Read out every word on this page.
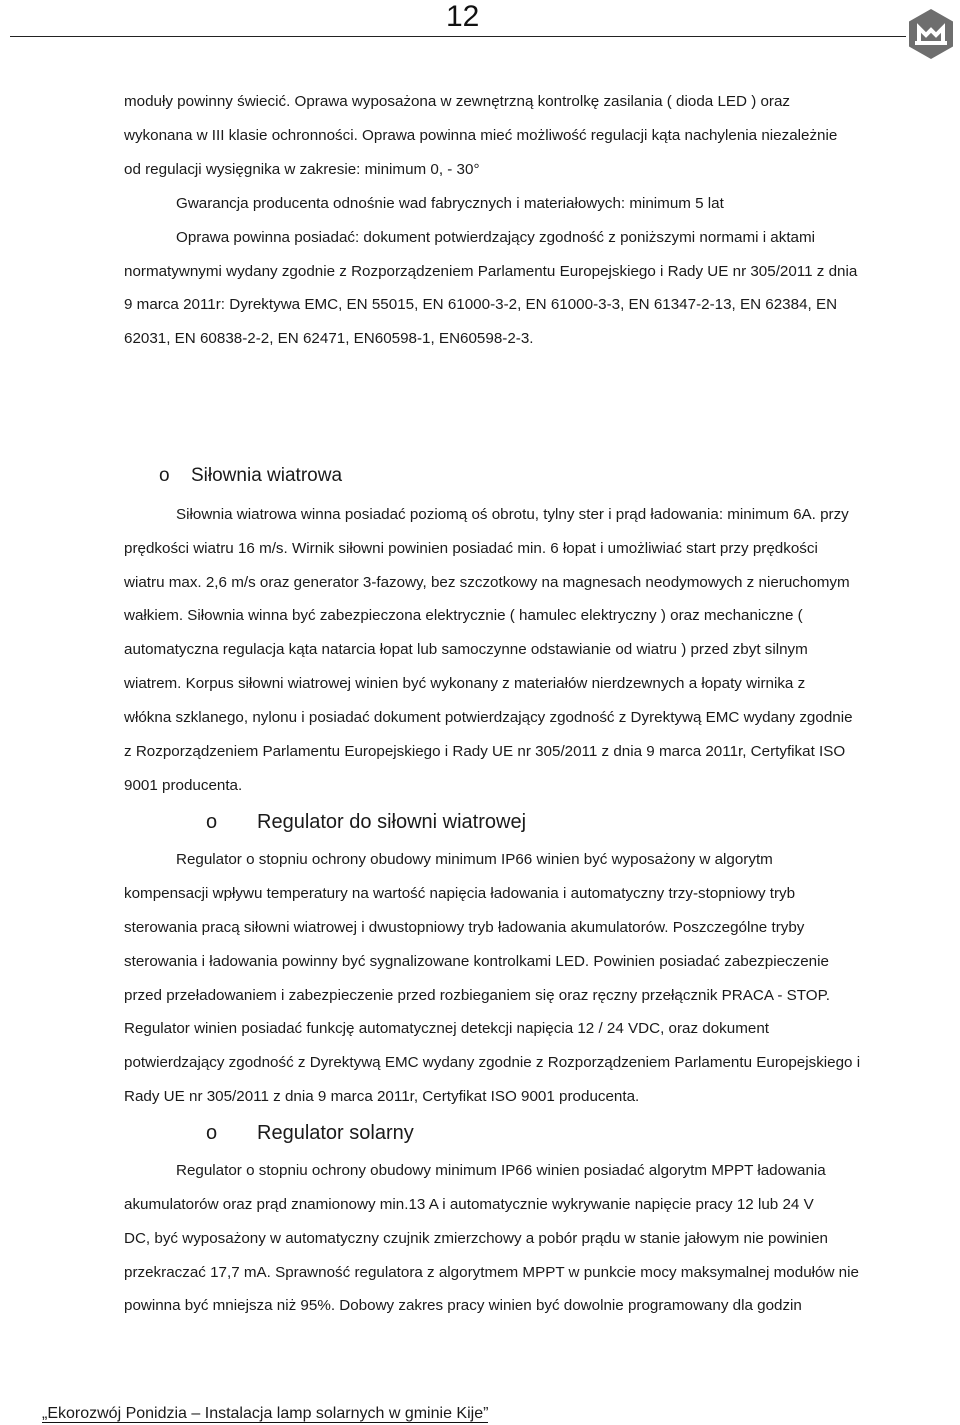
12
moduły powinny świecić. Oprawa wyposażona w zewnętrzną kontrolkę zasilania ( dioda LED ) oraz
wykonana w III klasie ochronności. Oprawa powinna mieć możliwość regulacji kąta nachylenia niezależnie
od regulacji wysięgnika w zakresie: minimum 0, - 30°
Gwarancja producenta odnośnie wad fabrycznych i materiałowych: minimum 5 lat
Oprawa powinna posiadać: dokument potwierdzający zgodność z poniższymi normami i aktami
normatywnymi wydany zgodnie z Rozporządzeniem Parlamentu Europejskiego i Rady UE nr 305/2011 z dnia
9 marca 2011r: Dyrektywa EMC, EN 55015, EN 61000-3-2, EN 61000-3-3, EN 61347-2-13, EN 62384, EN
62031, EN 60838-2-2, EN 62471, EN60598-1, EN60598-2-3.
o Siłownia wiatrowa
Siłownia wiatrowa winna posiadać poziomą oś obrotu, tylny ster i prąd ładowania: minimum 6A. przy
prędkości wiatru 16 m/s. Wirnik siłowni powinien posiadać min. 6 łopat i umożliwiać start przy prędkości
wiatru max. 2,6 m/s oraz generator 3-fazowy, bez szczotkowy na magnesach neodymowych z nieruchomym
wałkiem. Siłownia winna być zabezpieczona elektrycznie ( hamulec elektryczny ) oraz mechaniczne (
automatyczna regulacja kąta natarcia łopat lub samoczynne odstawianie od wiatru ) przed zbyt silnym
wiatrem. Korpus siłowni wiatrowej winien być wykonany z materiałów nierdzewnych a łopaty wirnika z
włókna szklanego, nylonu i posiadać dokument potwierdzający zgodność z Dyrektywą EMC wydany zgodnie
z Rozporządzeniem Parlamentu Europejskiego i Rady UE nr 305/2011 z dnia 9 marca 2011r, Certyfikat ISO
9001 producenta.
o Regulator do siłowni wiatrowej
Regulator o stopniu ochrony obudowy minimum IP66 winien być wyposażony w algorytm
kompensacji wpływu temperatury na wartość napięcia ładowania i automatyczny trzy-stopniowy tryb
sterowania pracą siłowni wiatrowej i dwustopniowy tryb ładowania akumulatorów. Poszczególne tryby
sterowania i ładowania powinny być sygnalizowane kontrolkami LED. Powinien posiadać zabezpieczenie
przed przeładowaniem i zabezpieczenie przed rozbieganiem się oraz ręczny przełącznik PRACA - STOP.
Regulator winien posiadać funkcję automatycznej detekcji napięcia 12 / 24 VDC, oraz dokument
potwierdzający zgodność z Dyrektywą EMC wydany zgodnie z Rozporządzeniem Parlamentu Europejskiego i
Rady UE nr 305/2011 z dnia 9 marca 2011r, Certyfikat ISO 9001 producenta.
o Regulator solarny
Regulator o stopniu ochrony obudowy minimum IP66 winien posiadać algorytm MPPT ładowania
akumulatorów oraz prąd znamionowy min.13 A i automatycznie wykrywanie napięcie pracy 12 lub 24 V
DC, być wyposażony w automatyczny czujnik zmierzchowy a pobór prądu w stanie jałowym nie powinien
przekraczać 17,7 mA. Sprawność regulatora z algorytmem MPPT w punkcie mocy maksymalnej modułów nie
powinna być mniejsza niż 95%. Dobowy zakres pracy winien być dowolnie programowany dla godzin
„Ekorozwój Ponidzia – Instalacja lamp solarnych w gminie Kije”
